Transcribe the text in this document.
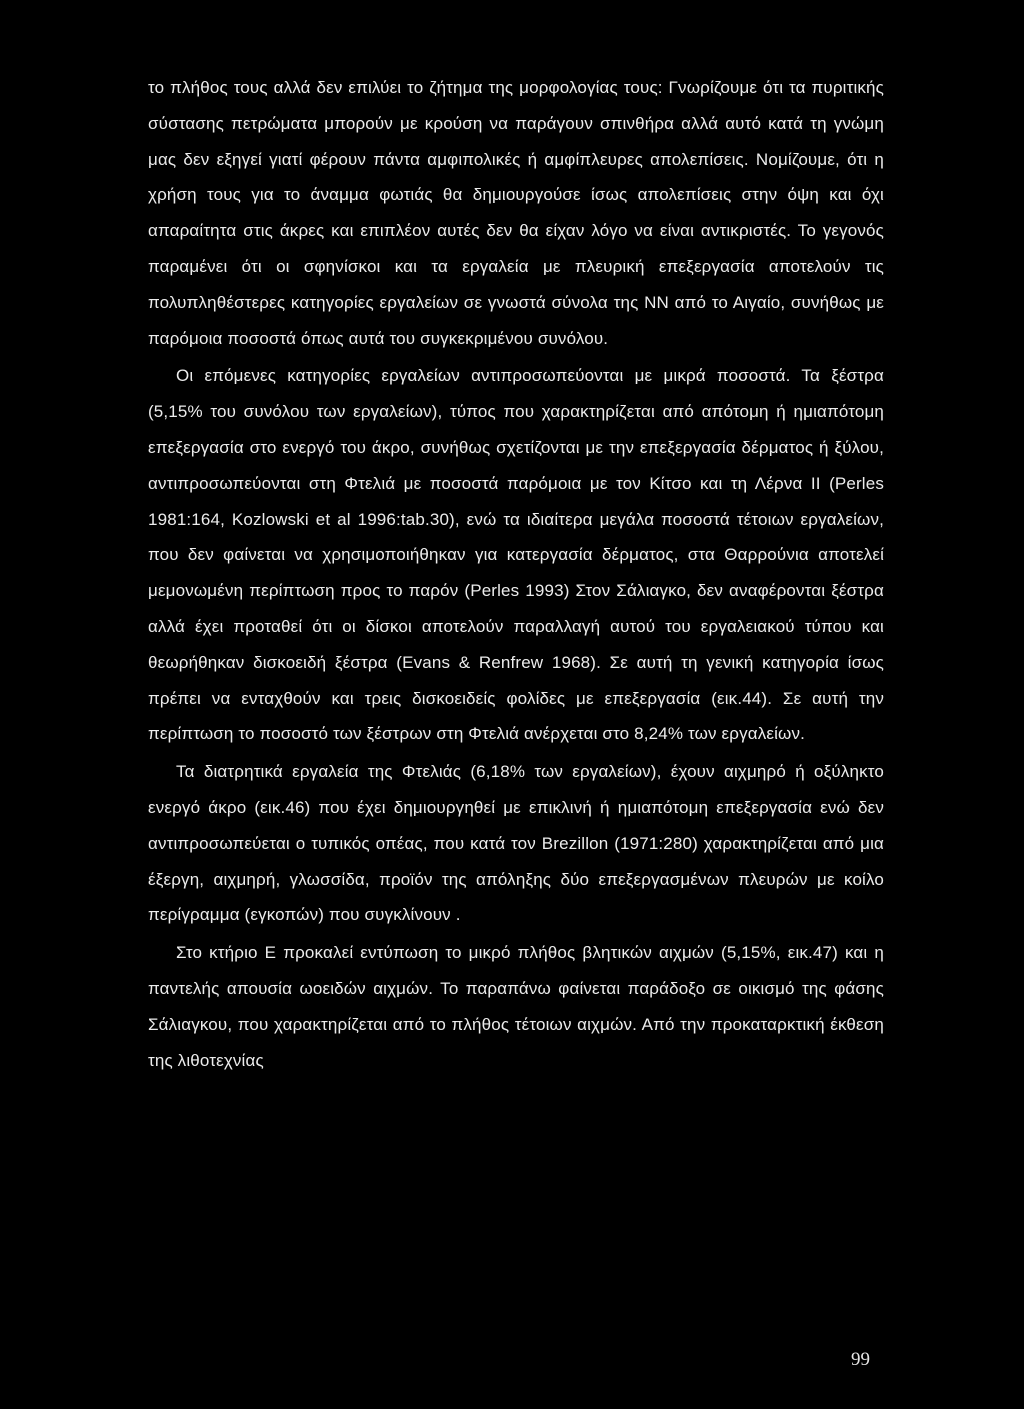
το πλήθος τους αλλά δεν επιλύει το ζήτημα της μορφολογίας τους: Γνωρίζουμε ότι τα πυριτικής σύστασης πετρώματα μπορούν με κρούση να παράγουν σπινθήρα αλλά αυτό κατά τη γνώμη μας δεν εξηγεί γιατί φέρουν πάντα αμφιπολικές ή αμφίπλευρες απολεπίσεις. Νομίζουμε, ότι η χρήση τους για το άναμμα φωτιάς θα δημιουργούσε ίσως απολεπίσεις στην όψη και όχι απαραίτητα στις άκρες και επιπλέον αυτές δεν θα είχαν λόγο να είναι αντικριστές. Το γεγονός παραμένει ότι οι σφηνίσκοι και τα εργαλεία με πλευρική επεξεργασία αποτελούν τις πολυπληθέστερες κατηγορίες εργαλείων σε γνωστά σύνολα της ΝΝ από το Αιγαίο, συνήθως με παρόμοια ποσοστά όπως αυτά του συγκεκριμένου συνόλου.

Οι επόμενες κατηγορίες εργαλείων αντιπροσωπεύονται με μικρά ποσοστά. Τα ξέστρα (5,15% του συνόλου των εργαλείων), τύπος που χαρακτηρίζεται από απότομη ή ημιαπότομη επεξεργασία στο ενεργό του άκρο, συνήθως σχετίζονται με την επεξεργασία δέρματος ή ξύλου, αντιπροσωπεύονται στη Φτελιά με ποσοστά παρόμοια με τον Κίτσο και τη Λέρνα II (Perles 1981:164, Kozlowski et al 1996:tab.30), ενώ τα ιδιαίτερα μεγάλα ποσοστά τέτοιων εργαλείων, που δεν φαίνεται να χρησιμοποιήθηκαν για κατεργασία δέρματος, στα Θαρρούνια αποτελεί μεμονωμένη περίπτωση προς το παρόν (Perles 1993) Στον Σάλιαγκο, δεν αναφέρονται ξέστρα αλλά έχει προταθεί ότι οι δίσκοι αποτελούν παραλλαγή αυτού του εργαλειακού τύπου και θεωρήθηκαν δισκοειδή ξέστρα (Evans & Renfrew 1968). Σε αυτή τη γενική κατηγορία ίσως πρέπει να ενταχθούν και τρεις δισκοειδείς φολίδες με επεξεργασία (εικ.44). Σε αυτή την περίπτωση το ποσοστό των ξέστρων στη Φτελιά ανέρχεται στο 8,24% των εργαλείων.

Τα διατρητικά εργαλεία της Φτελιάς (6,18% των εργαλείων), έχουν αιχμηρό ή οξύληκτο ενεργό άκρο (εικ.46) που έχει δημιουργηθεί με επικλινή ή ημιαπότομη επεξεργασία ενώ δεν αντιπροσωπεύεται ο τυπικός οπέας, που κατά τον Brezillon (1971:280) χαρακτηρίζεται από μια έξεργη, αιχμηρή, γλωσσίδα, προϊόν της απόληξης δύο επεξεργασμένων πλευρών με κοίλο περίγραμμα (εγκοπών) που συγκλίνουν .

Στο κτήριο Ε προκαλεί εντύπωση το μικρό πλήθος βλητικών αιχμών (5,15%, εικ.47) και η παντελής απουσία ωοειδών αιχμών. Το παραπάνω φαίνεται παράδοξο σε οικισμό της φάσης Σάλιαγκου, που χαρακτηρίζεται από το πλήθος τέτοιων αιχμών. Από την προκαταρκτική έκθεση της λιθοτεχνίας

99
